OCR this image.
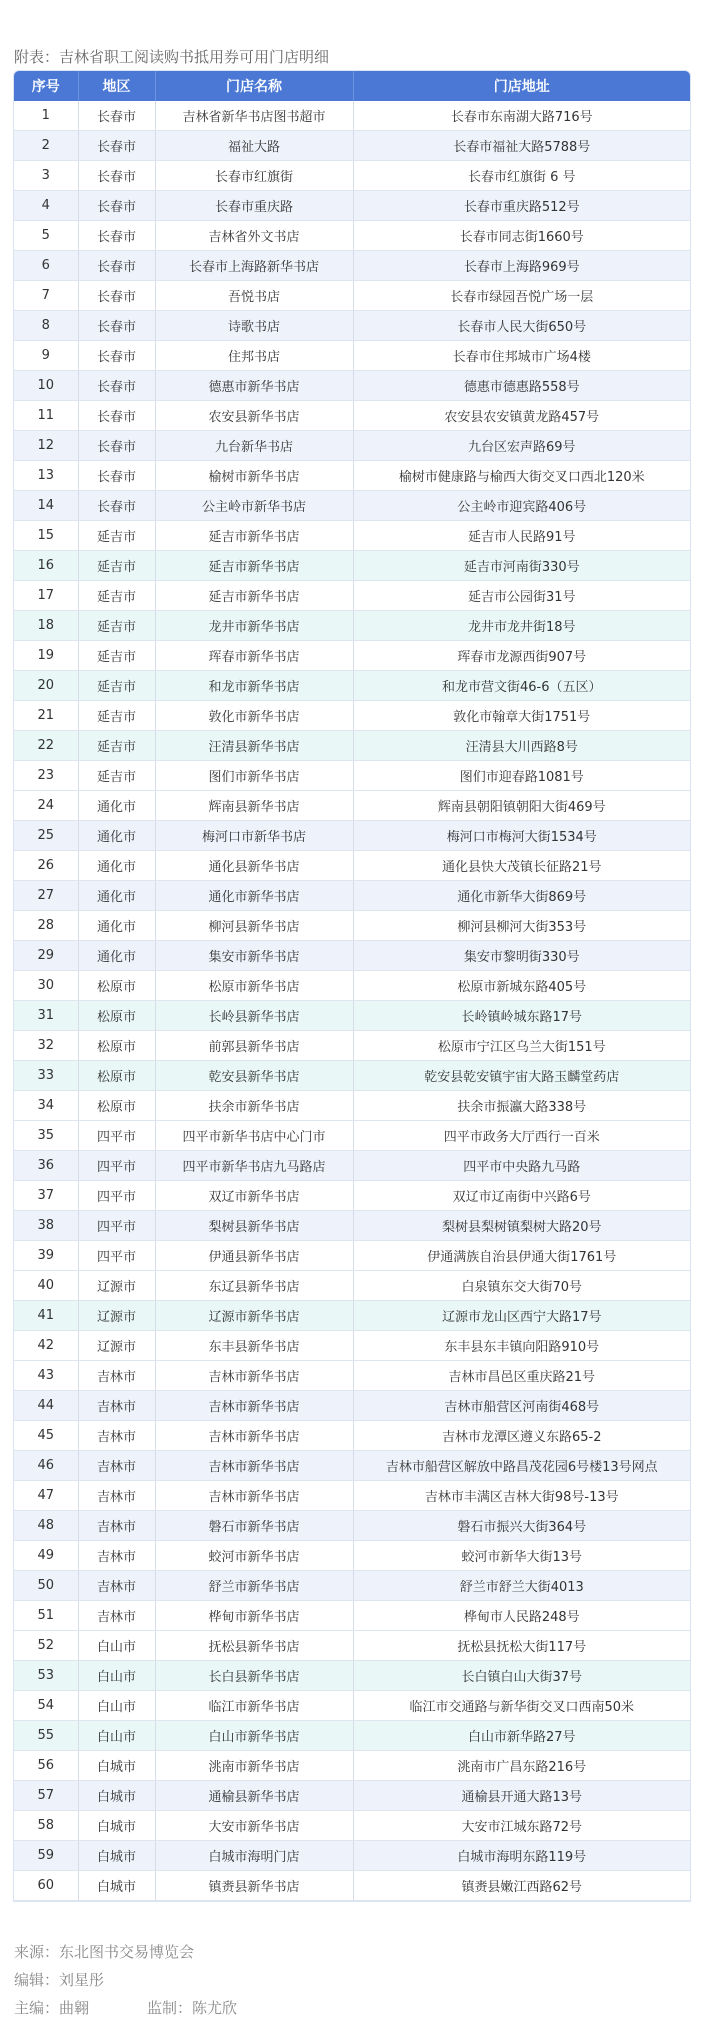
附表：吉林省职工阅读购书抵用券可用门店明细
序号	地区	门店名称	门店地址
1	长春市	吉林省新华书店图书超市	长春市东南湖大路716号
2	长春市	福祉大路	长春市福祉大路5788号
3	长春市	长春市红旗街	长春市红旗街 6 号
4	长春市	长春市重庆路	长春市重庆路512号
5	长春市	吉林省外文书店	长春市同志街1660号
6	长春市	长春市上海路新华书店	长春市上海路969号
7	长春市	吾悦书店	长春市绿园吾悦广场一层
8	长春市	诗歌书店	长春市人民大街650号
9	长春市	住邦书店	长春市住邦城市广场4楼
10	长春市	德惠市新华书店	德惠市德惠路558号
11	长春市	农安县新华书店	农安县农安镇黄龙路457号
12	长春市	九台新华书店	九台区宏声路69号
13	长春市	榆树市新华书店	榆树市健康路与榆西大街交叉口西北120米
14	长春市	公主岭市新华书店	公主岭市迎宾路406号
15	延吉市	延吉市新华书店	延吉市人民路91号
16	延吉市	延吉市新华书店	延吉市河南街330号
17	延吉市	延吉市新华书店	延吉市公园街31号
18	延吉市	龙井市新华书店	龙井市龙井街18号
19	延吉市	珲春市新华书店	珲春市龙源西街907号
20	延吉市	和龙市新华书店	和龙市营文街46-6（五区）
21	延吉市	敦化市新华书店	敦化市翰章大街1751号
22	延吉市	汪清县新华书店	汪清县大川西路8号
23	延吉市	图们市新华书店	图们市迎春路1081号
24	通化市	辉南县新华书店	辉南县朝阳镇朝阳大街469号
25	通化市	梅河口市新华书店	梅河口市梅河大街1534号
26	通化市	通化县新华书店	通化县快大茂镇长征路21号
27	通化市	通化市新华书店	通化市新华大街869号
28	通化市	柳河县新华书店	柳河县柳河大街353号
29	通化市	集安市新华书店	集安市黎明街330号
30	松原市	松原市新华书店	松原市新城东路405号
31	松原市	长岭县新华书店	长岭镇岭城东路17号
32	松原市	前郭县新华书店	松原市宁江区乌兰大街151号
33	松原市	乾安县新华书店	乾安县乾安镇宇宙大路玉麟堂药店
34	松原市	扶余市新华书店	扶余市振瀛大路338号
35	四平市	四平市新华书店中心门市	四平市政务大厅西行一百米
36	四平市	四平市新华书店九马路店	四平市中央路九马路
37	四平市	双辽市新华书店	双辽市辽南街中兴路6号
38	四平市	梨树县新华书店	梨树县梨树镇梨树大路20号
39	四平市	伊通县新华书店	伊通满族自治县伊通大街1761号
40	辽源市	东辽县新华书店	白泉镇东交大街70号
41	辽源市	辽源市新华书店	辽源市龙山区西宁大路17号
42	辽源市	东丰县新华书店	东丰县东丰镇向阳路910号
43	吉林市	吉林市新华书店	吉林市昌邑区重庆路21号
44	吉林市	吉林市新华书店	吉林市船营区河南街468号
45	吉林市	吉林市新华书店	吉林市龙潭区遵义东路65-2
46	吉林市	吉林市新华书店	吉林市船营区解放中路昌茂花园6号楼13号网点
47	吉林市	吉林市新华书店	吉林市丰满区吉林大街98号-13号
48	吉林市	磐石市新华书店	磐石市振兴大街364号
49	吉林市	蛟河市新华书店	蛟河市新华大街13号
50	吉林市	舒兰市新华书店	舒兰市舒兰大街4013
51	吉林市	桦甸市新华书店	桦甸市人民路248号
52	白山市	抚松县新华书店	抚松县抚松大街117号
53	白山市	长白县新华书店	长白镇白山大街37号
54	白山市	临江市新华书店	临江市交通路与新华街交叉口西南50米
55	白山市	白山市新华书店	白山市新华路27号
56	白城市	洮南市新华书店	洮南市广昌东路216号
57	白城市	通榆县新华书店	通榆县开通大路13号
58	白城市	大安市新华书店	大安市江城东路72号
59	白城市	白城市海明门店	白城市海明东路119号
60	白城市	镇赉县新华书店	镇赉县嫩江西路62号
来源：东北图书交易博览会
编辑：刘星彤
主编：曲翱	监制：陈尤欣
